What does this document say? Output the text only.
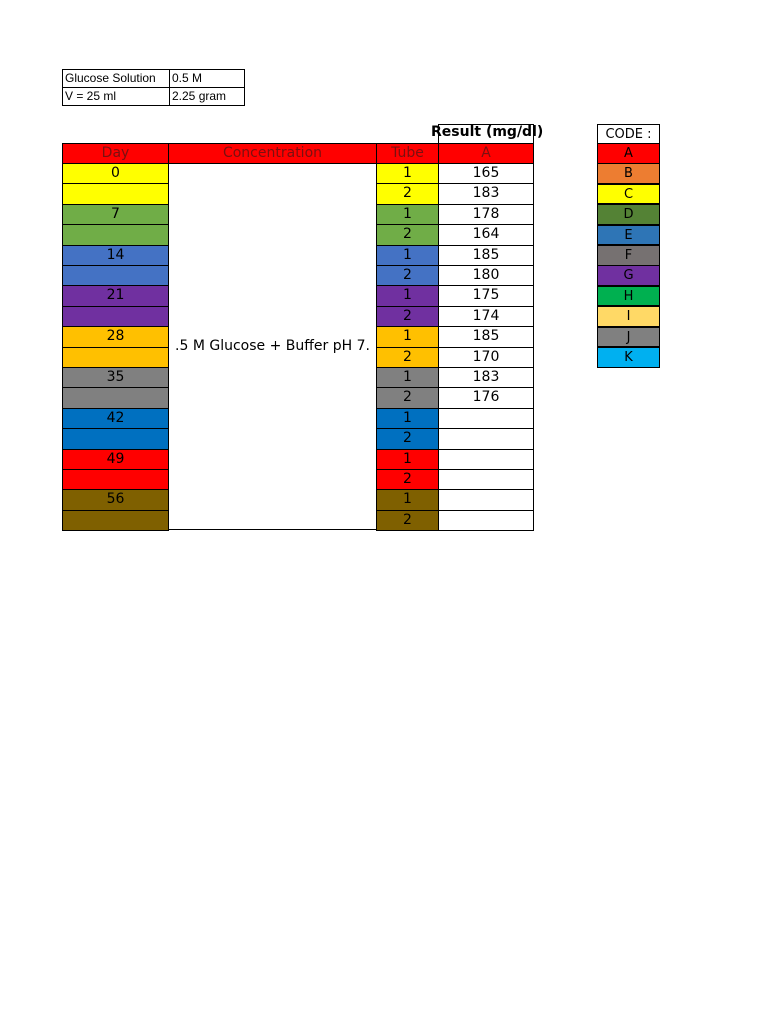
Glucose Solution	0.5 M
V = 25 ml	2.25 gram
Result (mg/dl)
Day	Concentration	Tube	A
.5 M Glucose + Buffer pH 7.
0	1	165
2	183
7	1	178
2	164
14	1	185
2	180
21	1	175
2	174
28	1	185
2	170
35	1	183
2	176
42	1
2
49	1
2
56	1
2
CODE :
A
B
C
D
E
F
G
H
I
J
K
